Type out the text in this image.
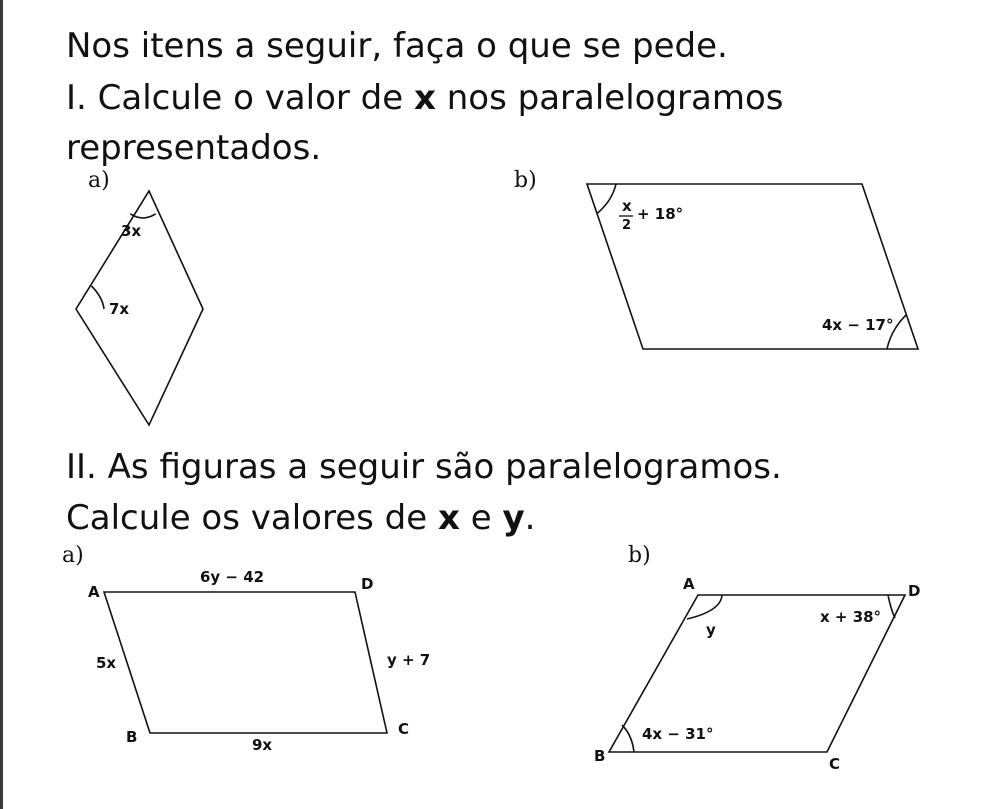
Nos itens a seguir, faça o que se pede.
I. Calcule o valor de x nos paralelogramos
representados.
a)	b)
II. As figuras a seguir são paralelogramos.
Calcule os valores de x e y.
a)	b)
3x
7x
x
2
+ 18°
4x − 17°
A	D
B	C
6y − 42
5x	y + 7
9x
A	D
B	C
y
x + 38°
4x − 31°
